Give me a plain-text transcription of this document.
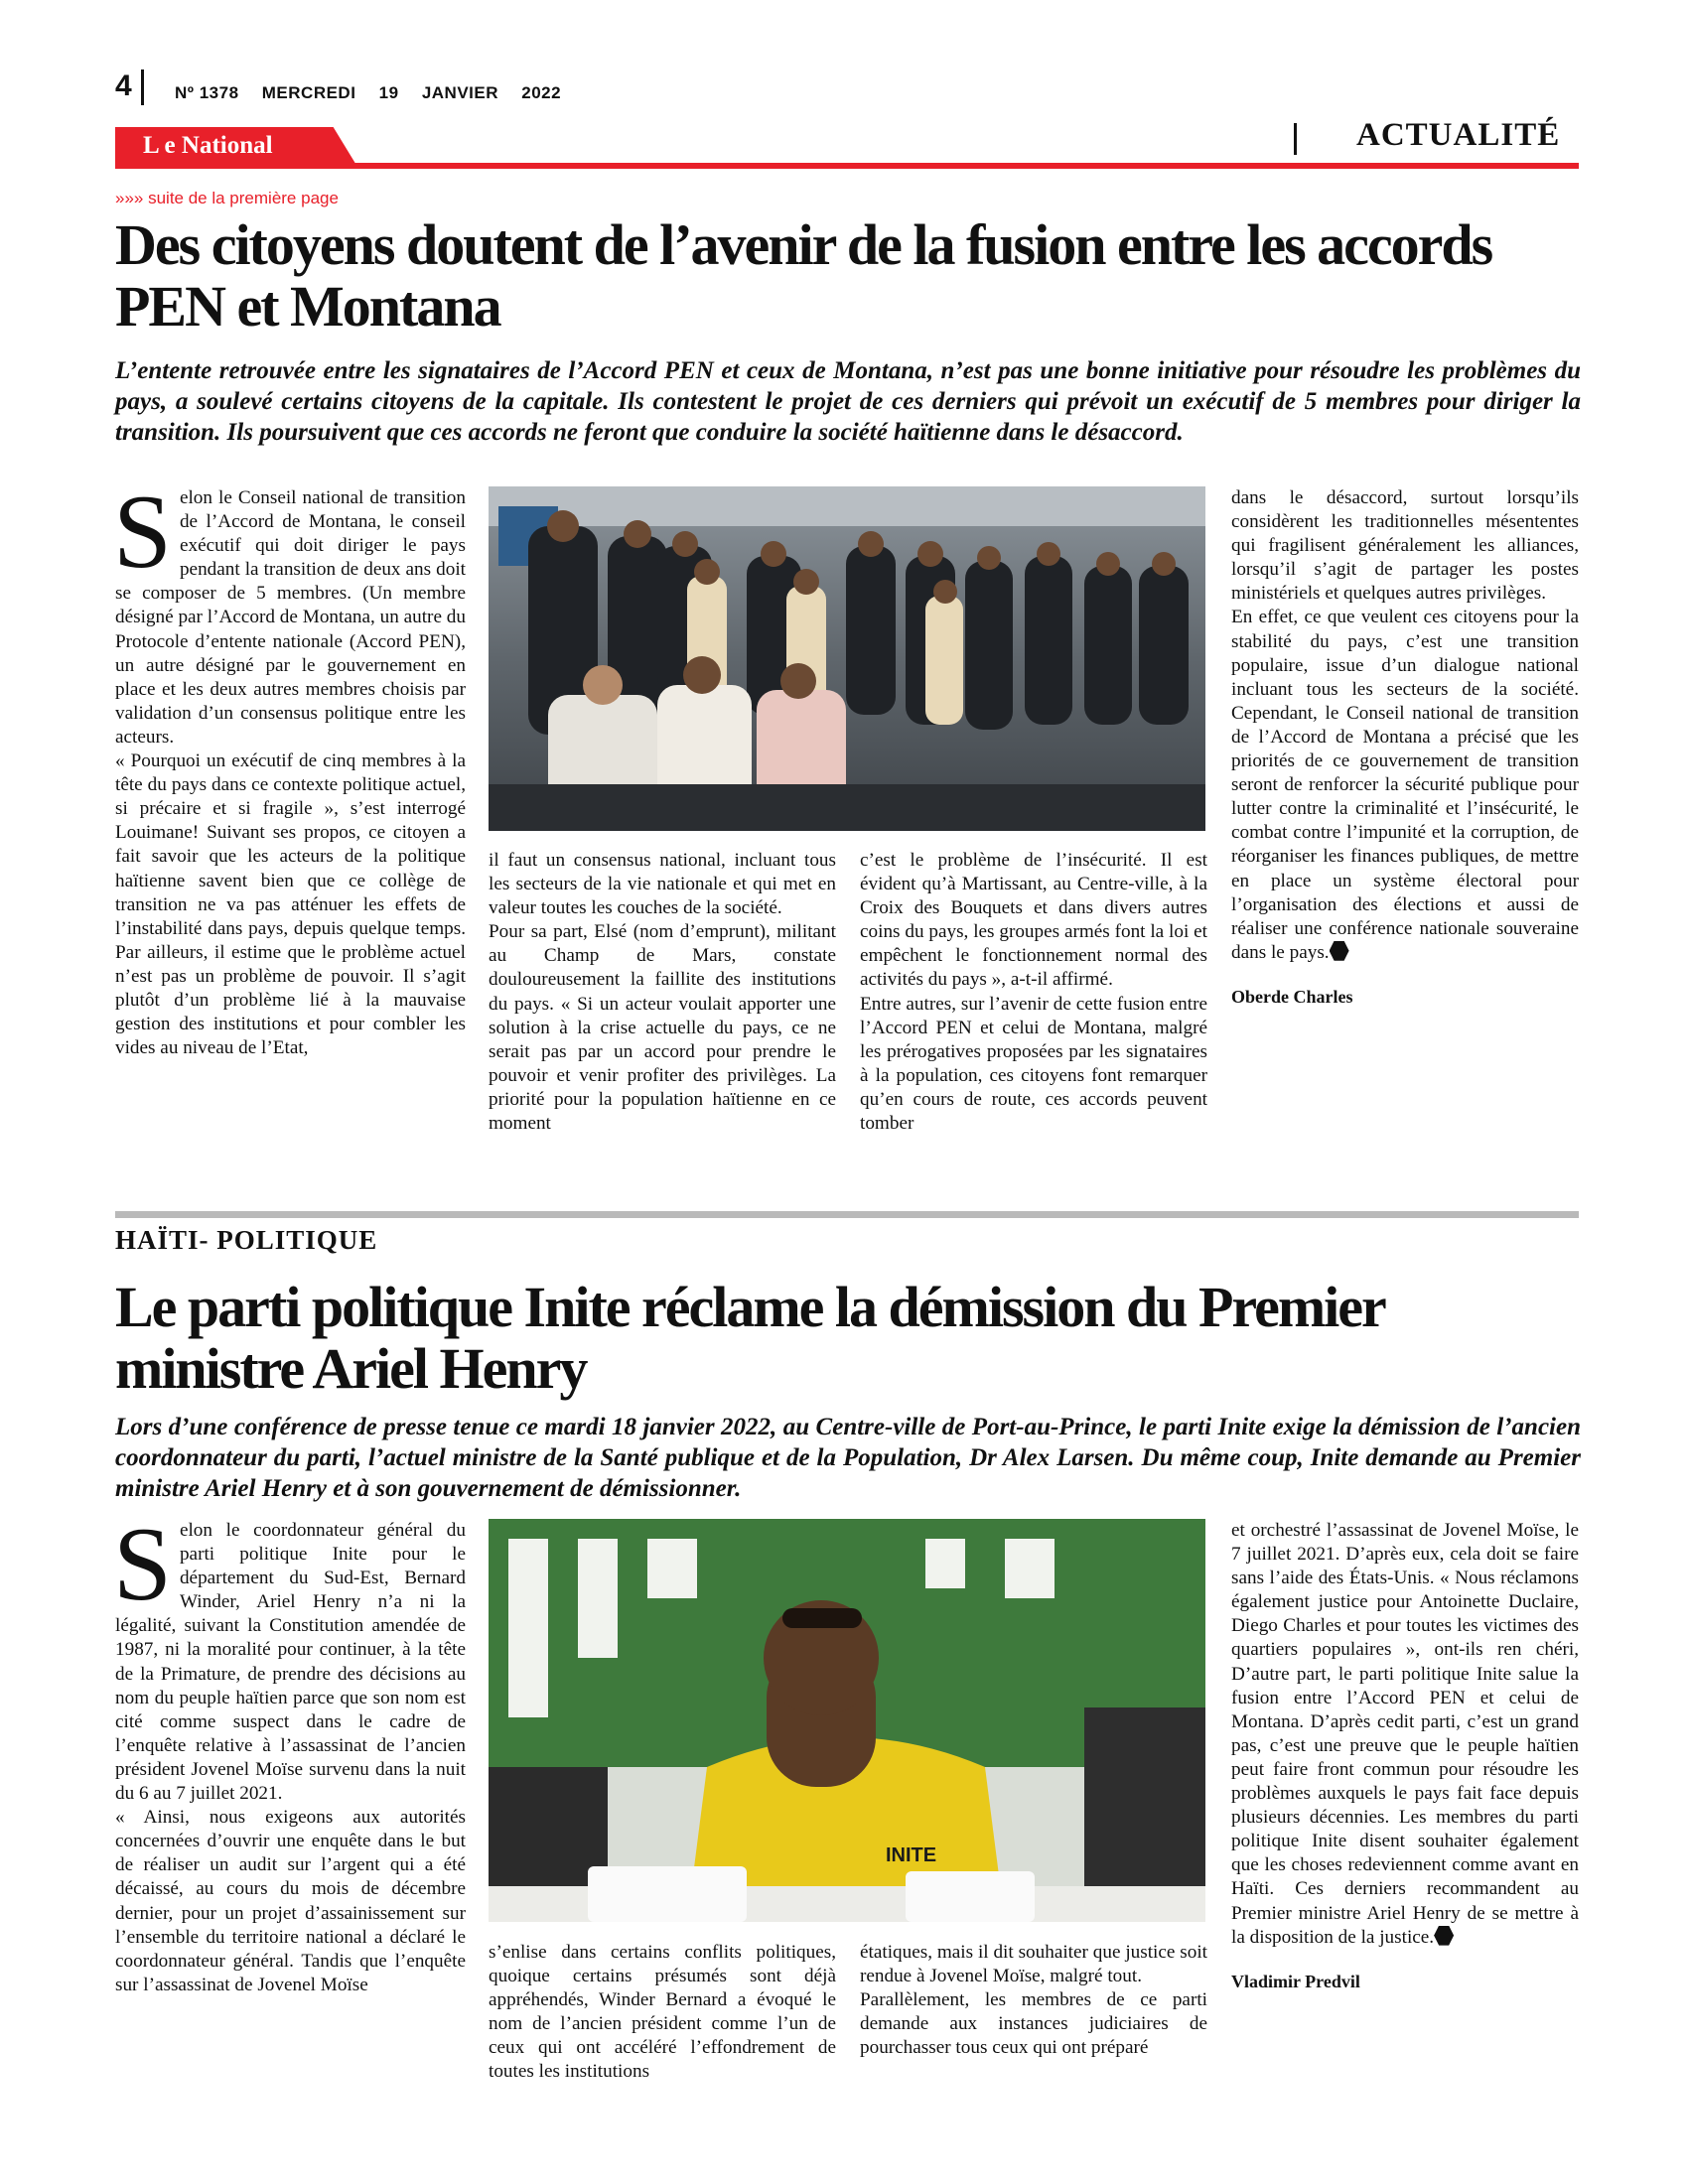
4	Nº 1378 MERCREDI 19 JANVIER 2022
L e National	ACTUALITÉ
»»» suite de la première page
Des citoyens doutent de l’avenir de la fusion entre les accords
PEN et Montana
L’entente retrouvée entre les signataires de l’Accord PEN et ceux de Montana, n’est pas une bonne initiative pour résoudre les problèmes du pays, a soulevé certains citoyens de la capitale. Ils contestent le projet de ces derniers qui prévoit un exécutif de 5 membres pour diriger la transition. Ils poursuivent que ces accords ne feront que conduire la société haïtienne dans le désaccord.
S elon le Conseil national de transition de l’Accord de Montana, le conseil exécutif qui doit diriger le pays pendant la transition de deux ans doit se composer de 5 membres. (Un membre désigné par l’Accord de Montana, un autre du Protocole d’entente nationale (Accord PEN), un autre désigné par le gouvernement en place et les deux autres membres choisis par validation d’un consensus politique entre les acteurs.

« Pourquoi un exécutif de cinq membres à la tête du pays dans ce contexte politique actuel, si précaire et si fragile », s’est interrogé Louimane! Suivant ses propos, ce citoyen a fait savoir que les acteurs de la politique haïtienne savent bien que ce collège de transition ne va pas atténuer les effets de l’instabilité dans pays, depuis quelque temps. Par ailleurs, il estime que le problème actuel n’est pas un problème de pouvoir. Il s’agit plutôt d’un problème lié à la mauvaise gestion des institutions et pour combler les vides au niveau de l’Etat,

il faut un consensus national, incluant tous les secteurs de la vie nationale et qui met en valeur toutes les couches de la société.

Pour sa part, Elsé (nom d’emprunt), militant au Champ de Mars, constate douloureusement la faillite des institutions du pays. « Si un acteur voulait apporter une solution à la crise actuelle du pays, ce ne serait pas par un accord pour prendre le pouvoir et venir profiter des privilèges. La priorité pour la population haïtienne en ce moment

c’est le problème de l’insécurité. Il est évident qu’à Martissant, au Centre-ville, à la Croix des Bouquets et dans divers autres coins du pays, les groupes armés font la loi et empêchent le fonctionnement normal des activités du pays », a-t-il affirmé.

Entre autres, sur l’avenir de cette fusion entre l’Accord PEN et celui de Montana, malgré les prérogatives proposées par les signataires à la population, ces citoyens font remarquer qu’en cours de route, ces accords peuvent tomber

dans le désaccord, surtout lorsqu’ils considèrent les traditionnelles mésententes qui fragilisent généralement les alliances, lorsqu’il s’agit de partager les postes ministériels et quelques autres privilèges.

En effet, ce que veulent ces citoyens pour la stabilité du pays, c’est une transition populaire, issue d’un dialogue national incluant tous les secteurs de la société. Cependant, le Conseil national de transition de l’Accord de Montana a précisé que les priorités de ce gouvernement de transition seront de renforcer la sécurité publique pour lutter contre la criminalité et l’insécurité, le combat contre l’impunité et la corruption, de réorganiser les finances publiques, de mettre en place un système électoral pour l’organisation des élections et aussi de réaliser une conférence nationale souveraine dans le pays.

Oberde Charles
HAÏTI- POLITIQUE
Le parti politique Inite réclame la démission du Premier
ministre Ariel Henry
Lors d’une conférence de presse tenue ce mardi 18 janvier 2022, au Centre-ville de Port-au-Prince, le parti Inite exige la démission de l’ancien coordonnateur du parti, l’actuel ministre de la Santé publique et de la Population, Dr Alex Larsen. Du même coup, Inite demande au Premier ministre Ariel Henry et à son gouvernement de démissionner.
S elon le coordonnateur général du parti politique Inite pour le département du Sud-Est, Bernard Winder, Ariel Henry n’a ni la légalité, suivant la Constitution amendée de 1987, ni la moralité pour continuer, à la tête de la Primature, de prendre des décisions au nom du peuple haïtien parce que son nom est cité comme suspect dans le cadre de l’enquête relative à l’assassinat de l’ancien président Jovenel Moïse survenu dans la nuit du 6 au 7 juillet 2021.

« Ainsi, nous exigeons aux autorités concernées d’ouvrir une enquête dans le but de réaliser un audit sur l’argent qui a été décaissé, au cours du mois de décembre dernier, pour un projet d’assainissement sur l’ensemble du territoire national a déclaré le coordonnateur général. Tandis que l’enquête sur l’assassinat de Jovenel Moïse

INITE

s’enlise dans certains conflits politiques, quoique certains présumés sont déjà appréhendés, Winder Bernard a évoqué le nom de l’ancien président comme l’un de ceux qui ont accéléré l’effondrement de toutes les institutions

étatiques, mais il dit souhaiter que justice soit rendue à Jovenel Moïse, malgré tout.

Parallèlement, les membres de ce parti demande aux instances judiciaires de pourchasser tous ceux qui ont préparé

et orchestré l’assassinat de Jovenel Moïse, le 7 juillet 2021. D’après eux, cela doit se faire sans l’aide des États-Unis. « Nous réclamons également justice pour Antoinette Duclaire, Diego Charles et pour toutes les victimes des quartiers populaires », ont-ils ren chéri, D’autre part, le parti politique Inite salue la fusion entre l’Accord PEN et celui de Montana. D’après cedit parti, c’est un grand pas, c’est une preuve que le peuple haïtien peut faire front commun pour résoudre les problèmes auxquels le pays fait face depuis plusieurs décennies. Les membres du parti politique Inite disent souhaiter également que les choses redeviennent comme avant en Haïti. Ces derniers recommandent au Premier ministre Ariel Henry de se mettre à la disposition de la justice.

Vladimir Predvil
